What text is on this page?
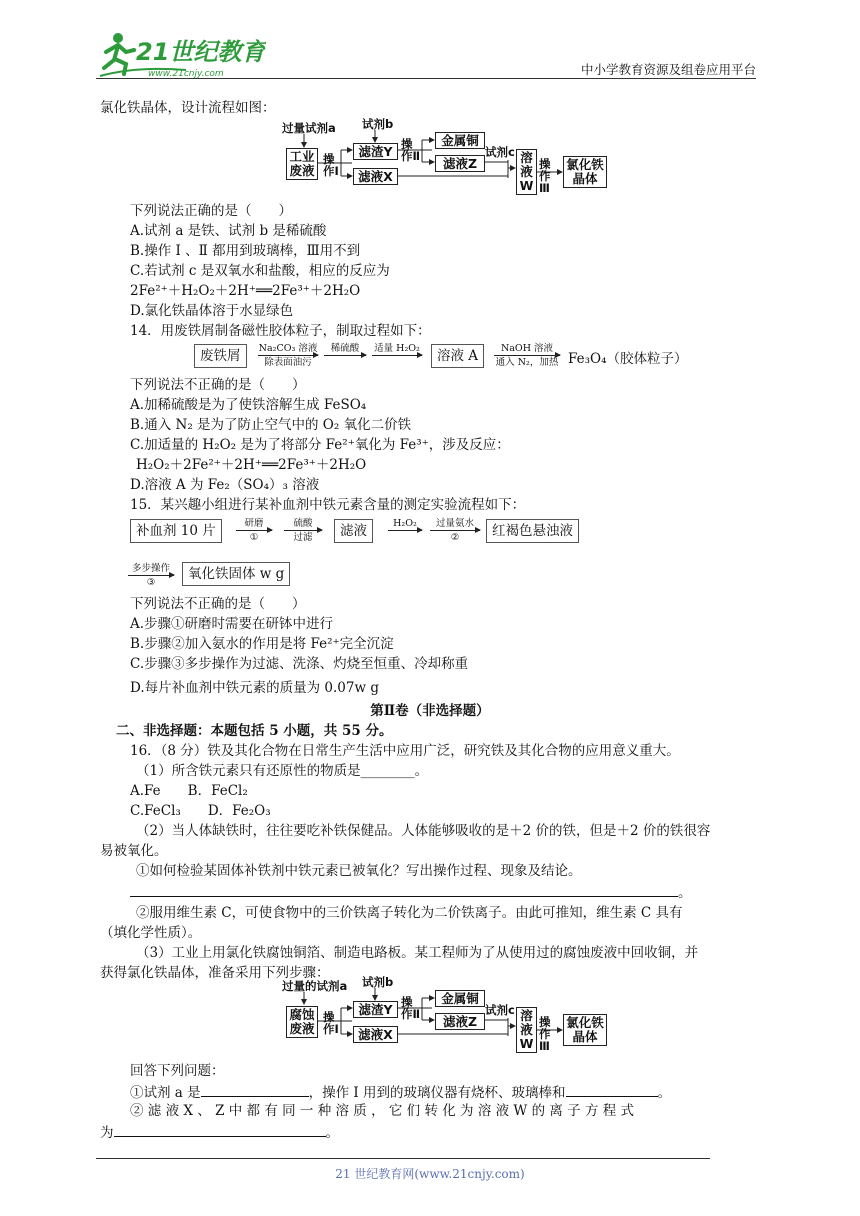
21世纪教育
www.21cnjy.com	中小学教育资源及组卷应用平台
氯化铁晶体，设计流程如图：
过量试剂a 试剂b
工业废液
操作Ⅰ
滤渣Y
滤液X
操作Ⅱ
金属铜
滤液Z
试剂c 溶液W
操作Ⅲ
氯化铁晶体
下列说法正确的是（　　）
A.试剂 a 是铁、试剂 b 是稀硫酸
B.操作 Ⅰ 、Ⅱ 都用到玻璃棒，Ⅲ用不到
C.若试剂 c 是双氧水和盐酸，相应的反应为
2Fe²⁺＋H₂O₂＋2H⁺══2Fe³⁺＋2H₂O
D.氯化铁晶体溶于水显绿色
14．用废铁屑制备磁性胶体粒子，制取过程如下：
废铁屑	Na₂CO₃ 溶液
除表面油污
稀硫酸	适量 H₂O₂	溶液 A	NaOH 溶液
通入 N₂，加热 Fe₃O₄（胶体粒子）
下列说法不正确的是（　　）
A.加稀硫酸是为了使铁溶解生成 FeSO₄
B.通入 N₂ 是为了防止空气中的 O₂ 氧化二价铁
C.加适量的 H₂O₂ 是为了将部分 Fe²⁺氧化为 Fe³⁺，涉及反应：
H₂O₂＋2Fe²⁺＋2H⁺══2Fe³⁺＋2H₂O
D.溶液 A 为 Fe₂（SO₄）₃ 溶液
15．某兴趣小组进行某补血剂中铁元素含量的测定实验流程如下：
补血剂 10 片	研磨
①
硫酸
过滤	滤液	H₂O₂	过量氨水
②	红褐色悬浊液
多步操作
③
氧化铁固体 w g
下列说法不正确的是（　　）
A.步骤①研磨时需要在研钵中进行
B.步骤②加入氨水的作用是将 Fe²⁺完全沉淀
C.步骤③多步操作为过滤、洗涤、灼烧至恒重、冷却称重
D.每片补血剂中铁元素的质量为 0.07w g
第Ⅱ卷（非选择题）
二、非选择题：本题包括 5 小题，共 55 分。
16．（8 分）铁及其化合物在日常生产生活中应用广泛，研究铁及其化合物的应用意义重大。
（1）所含铁元素只有还原性的物质是________。
A.Fe　　B．FeCl₂
C.FeCl₃　　D．Fe₂O₃
（2）当人体缺铁时，往往要吃补铁保健品。人体能够吸收的是＋2 价的铁，但是＋2 价的铁很容
易被氧化。
①如何检验某固体补铁剂中铁元素已被氧化？写出操作过程、现象及结论。
。
②服用维生素 C，可使食物中的三价铁离子转化为二价铁离子。由此可推知，维生素 C 具有
（填化学性质）。
（3）工业上用氯化铁腐蚀铜箔、制造电路板。某工程师为了从使用过的腐蚀废液中回收铜，并
获得氯化铁晶体，准备采用下列步骤：
过量的试剂a 试剂b
腐蚀废液
操作Ⅰ
滤渣Y
滤液X
操作Ⅱ
金属铜
滤液Z
试剂c 溶液W
操作Ⅲ
氯化铁晶体
回答下列问题：
①试剂 a 是	，操作 I 用到的玻璃仪器有烧杯、玻璃棒和	。
② 滤 液 X 、 Z 中 都 有 同 一 种 溶 质 ， 它 们 转 化 为 溶 液 W 的 离 子 方 程 式
为	。
21 世纪教育网(www.21cnjy.com)
